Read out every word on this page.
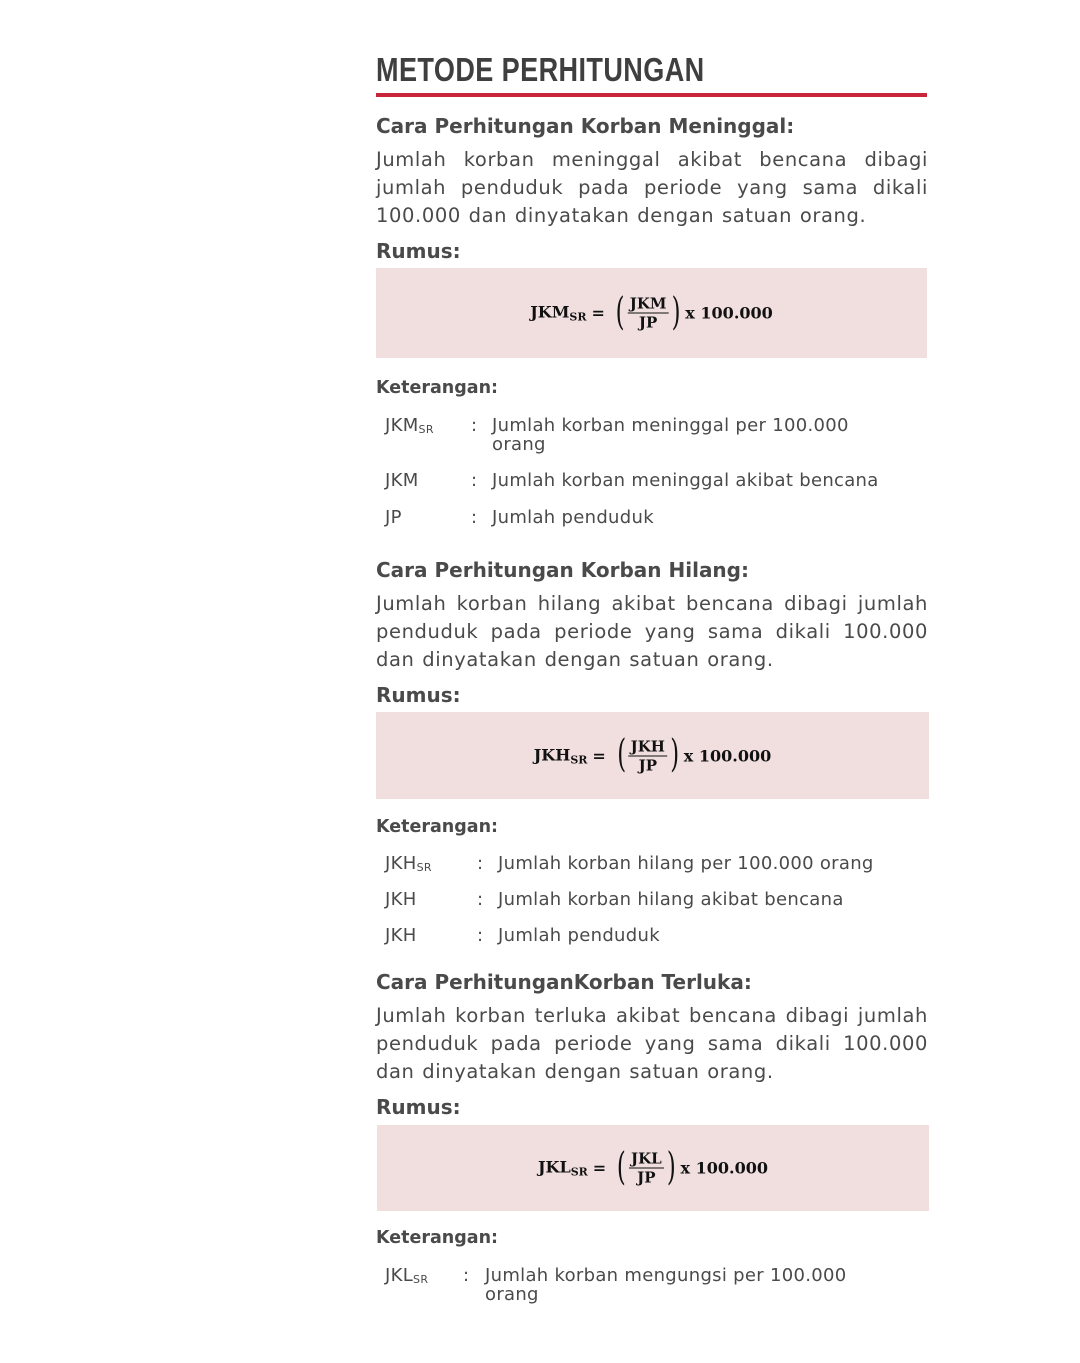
METODE PERHITUNGAN
Cara Perhitungan Korban Meninggal:
Jumlah korban meninggal akibat bencana dibagi jumlah penduduk pada periode yang sama dikali 100.000 dan dinyatakan dengan satuan orang.
Rumus:
$JKM_{SR}$ = ( $\frac{\text{JKM}}{JP}$ ) x 100.000
Keterangan:
$JKM_{SR}$ : Jumlah korban meninggal per 100.000
orang
JKM	: Jumlah korban meninggal akibat bencana
JP	: Jumlah penduduk
Cara Perhitungan Korban Hilang:
Jumlah korban hilang akibat bencana dibagi jumlah penduduk pada periode yang sama dikali 100.000 dan dinyatakan dengan satuan orang.
Rumus:
$JKH_{SR}$ = ( $\frac{\text{JKH}}{JP}$ ) x 100.000
Keterangan:
$JKH_{SR}$	: Jumlah korban hilang per 100.000 orang
JKH	: Jumlah korban hilang akibat bencana
JKH	: Jumlah penduduk
Cara PerhitunganKorban Terluka:
Jumlah korban terluka akibat bencana dibagi jumlah penduduk pada periode yang sama dikali 100.000 dan dinyatakan dengan satuan orang.
Rumus:
$JKL_{SR}$ = ( $\frac{\text{JKL}}{JP}$ ) x 100.000
Keterangan:
$JKL_{SR}$ : Jumlah korban mengungsi per 100.000
orang
